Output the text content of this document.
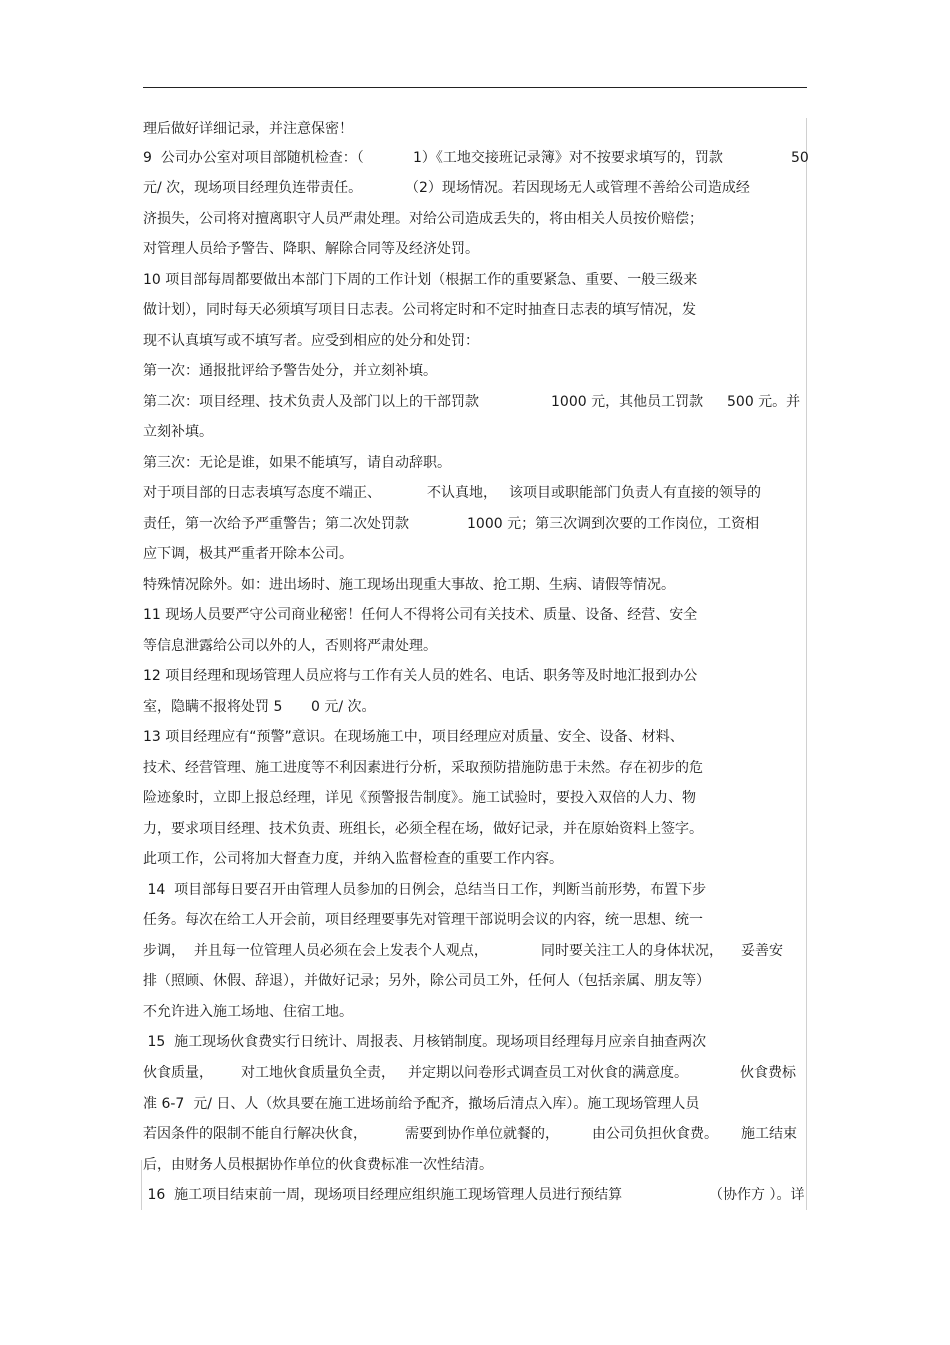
理后做好详细记录，并注意保密！
9  公司办公室对项目部随机检查：（	1）《工地交接班记录簿》对不按要求填写的，罚款	50
元/ 次，现场项目经理负连带责任。	（2）现场情况。若因现场无人或管理不善给公司造成经
济损失，公司将对擅离职守人员严肃处理。对给公司造成丢失的，将由相关人员按价赔偿；
对管理人员给予警告、降职、解除合同等及经济处罚。
10 项目部每周都要做出本部门下周的工作计划（根据工作的重要紧急、重要、一般三级来
做计划），同时每天必须填写项目日志表。公司将定时和不定时抽查日志表的填写情况，发
现不认真填写或不填写者。应受到相应的处分和处罚：
第一次：通报批评给予警告处分，并立刻补填。
第二次：项目经理、技术负责人及部门以上的干部罚款	1000 元，其他员工罚款 500 元。并
立刻补填。
第三次：无论是谁，如果不能填写，请自动辞职。
对于项目部的日志表填写态度不端正、	不认真地， 该项目或职能部门负责人有直接的领导的
责任，第一次给予严重警告；第二次处罚款	1000 元；第三次调到次要的工作岗位，工资相
应下调，极其严重者开除本公司。
特殊情况除外。如：进出场时、施工现场出现重大事故、抢工期、生病、请假等情况。
11 现场人员要严守公司商业秘密！任何人不得将公司有关技术、质量、设备、经营、安全
等信息泄露给公司以外的人，否则将严肃处理。
12 项目经理和现场管理人员应将与工作有关人员的姓名、电话、职务等及时地汇报到办公
室，隐瞒不报将处罚 5 0 元/ 次。
13 项目经理应有“预警”意识。在现场施工中，项目经理应对质量、安全、设备、材料、
技术、经营管理、施工进度等不利因素进行分析，采取预防措施防患于未然。存在初步的危
险迹象时，立即上报总经理，详见《预警报告制度》。施工试验时，要投入双倍的人力、物
力，要求项目经理、技术负责、班组长，必须全程在场，做好记录，并在原始资料上签字。
此项工作，公司将加大督查力度，并纳入监督检查的重要工作内容。
14  项目部每日要召开由管理人员参加的日例会，总结当日工作，判断当前形势，布置下步
任务。每次在给工人开会前，项目经理要事先对管理干部说明会议的内容，统一思想、统一
步调，  并且每一位管理人员必须在会上发表个人观点，	同时要关注工人的身体状况， 妥善安
排（照顾、休假、辞退），并做好记录；另外，除公司员工外，任何人（包括亲属、朋友等）
不允许进入施工场地、住宿工地。
15  施工现场伙食费实行日统计、周报表、月核销制度。现场项目经理每月应亲自抽查两次
伙食质量， 对工地伙食质量负全责， 并定期以问卷形式调查员工对伙食的满意度。	伙食费标
准 6-7  元/ 日、人（炊具要在施工进场前给予配齐，撤场后清点入库）。施工现场管理人员
若因条件的限制不能自行解决伙食，	需要到协作单位就餐的， 由公司负担伙食费。 施工结束
后，由财务人员根据协作单位的伙食费标准一次性结清。
16  施工项目结束前一周，现场项目经理应组织施工现场管理人员进行预结算	（协作方 ）。详
